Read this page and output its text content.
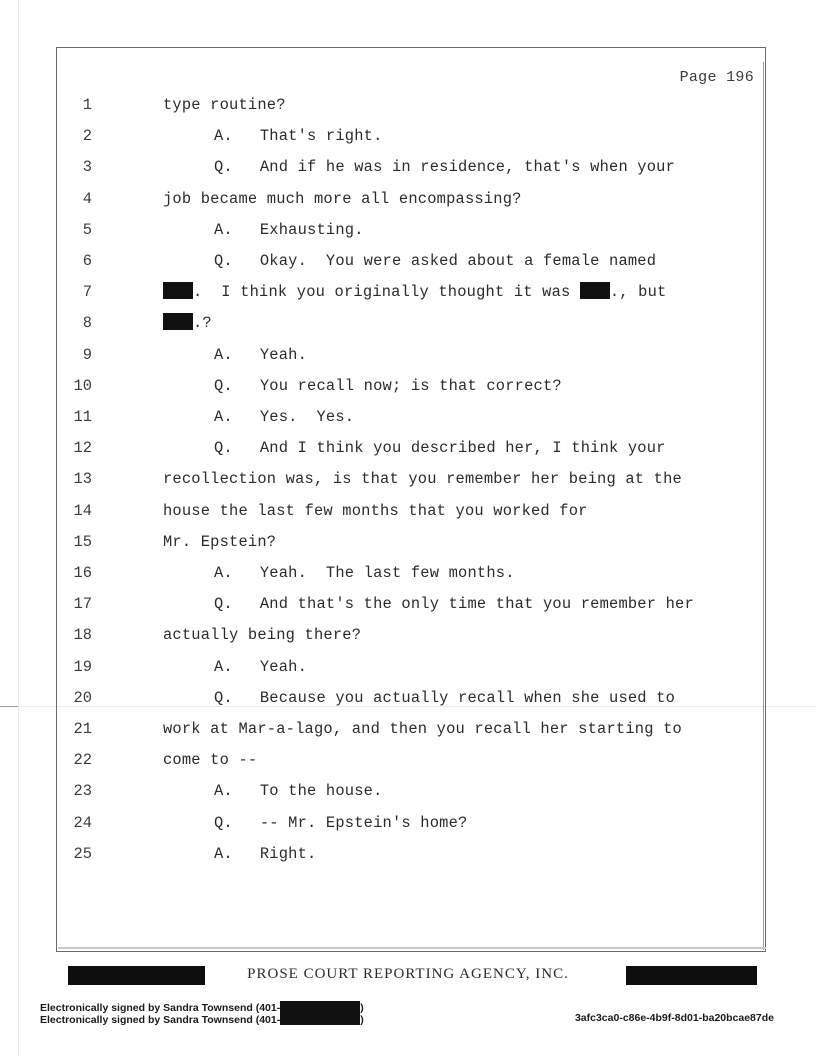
Page 196
1	type routine?
2	A. That's right.
3	Q. And if he was in residence, that's when your
4	job became much more all encompassing?
5	A. Exhausting.
6	Q. Okay.  You were asked about a female named
7	.  I think you originally thought it was ., but
8	.?
9	A. Yeah.
10	Q. You recall now; is that correct?
11	A. Yes.  Yes.
12	Q. And I think you described her, I think your
13	recollection was, is that you remember her being at the
14	house the last few months that you worked for
15	Mr. Epstein?
16	A. Yeah.  The last few months.
17	Q. And that's the only time that you remember her
18	actually being there?
19	A. Yeah.
20	Q. Because you actually recall when she used to
21	work at Mar-a-lago, and then you recall her starting to
22	come to --
23	A. To the house.
24	Q. -- Mr. Epstein's home?
25	A. Right.
PROSE COURT REPORTING AGENCY, INC.
Electronically signed by Sandra Townsend (401-	)
Electronically signed by Sandra Townsend (401-	)	3afc3ca0-c86e-4b9f-8d01-ba20bcae87de
